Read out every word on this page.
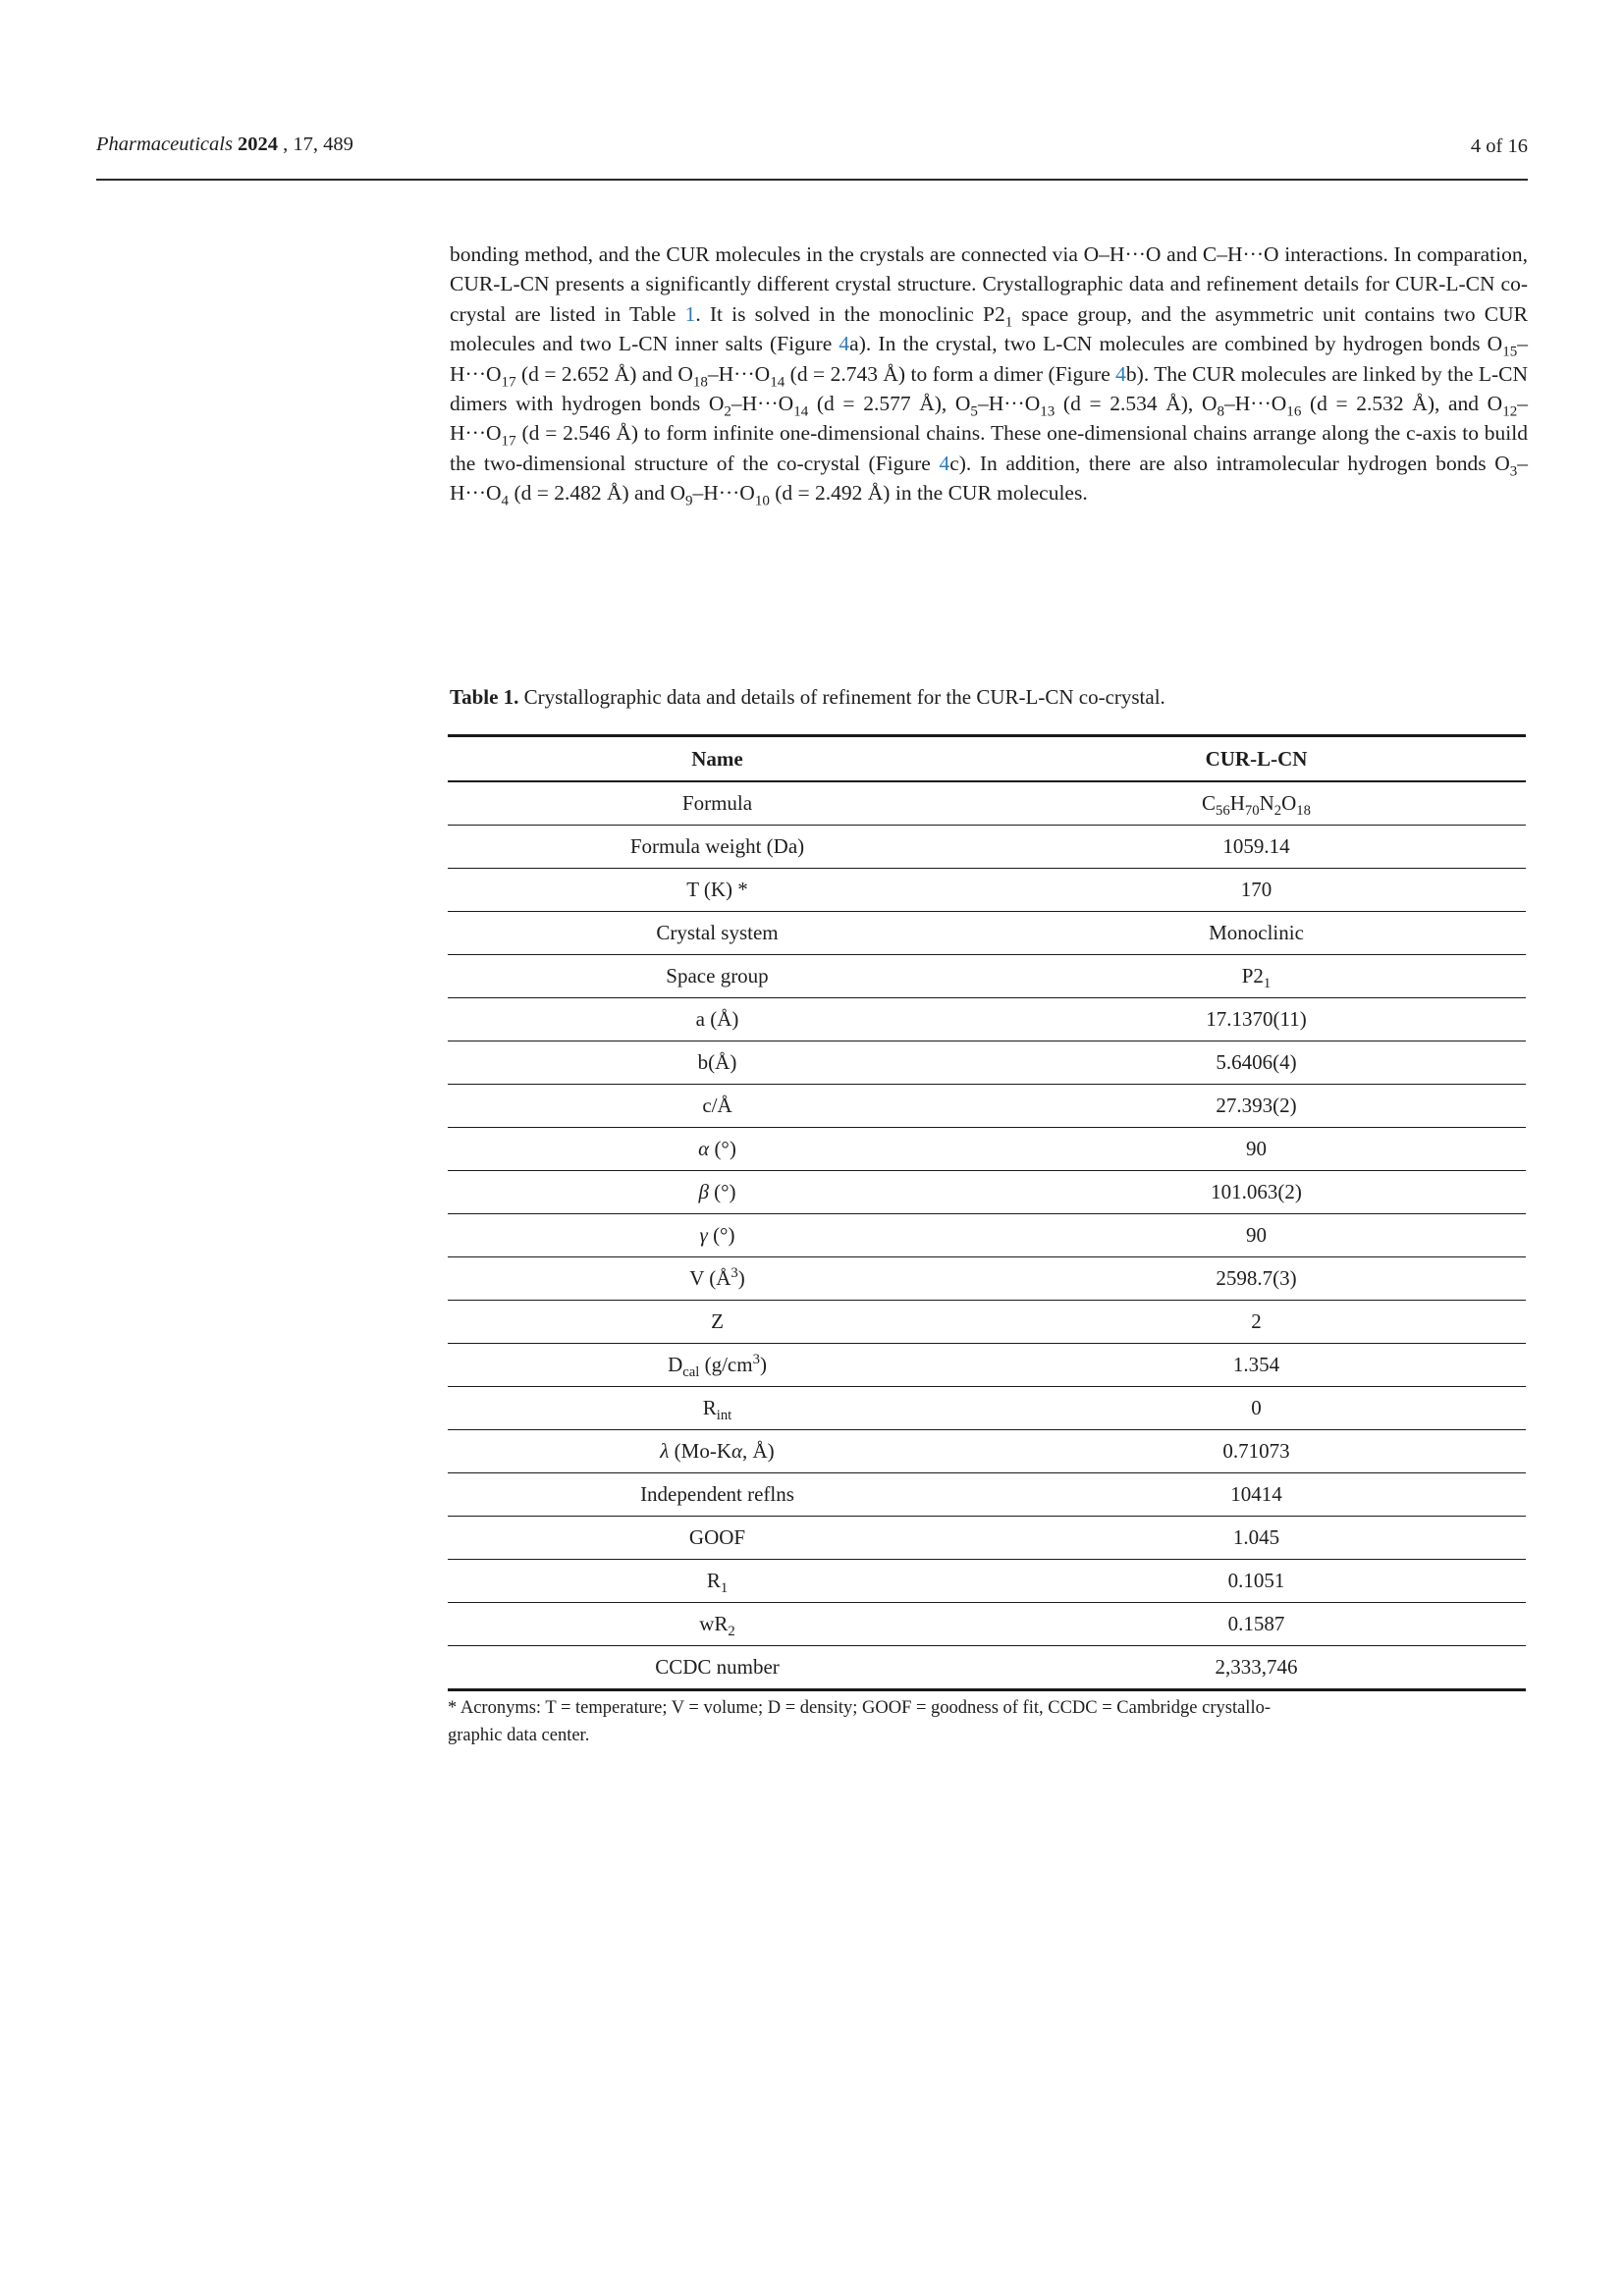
Pharmaceuticals 2024 , 17, 489	4 of 16

bonding method, and the CUR molecules in the crystals are connected via O–H···O and C–H···O interactions. In comparation, CUR-L-CN presents a significantly different crystal structure. Crystallographic data and refinement details for CUR-L-CN co-crystal are listed in Table 1. It is solved in the monoclinic $P2_1$ space group, and the asymmetric unit contains two CUR molecules and two L-CN inner salts (Figure 4a). In the crystal, two L-CN molecules are combined by hydrogen bonds $O_{15}-H\cdot\cdot\cdot O_{17}$ (d = 2.652 Å) and $O_{18}-H\cdot\cdot\cdot O_{14}$ (d = 2.743 Å) to form a dimer (Figure 4b). The CUR molecules are linked by the L-CN dimers with hydrogen bonds $O_2-H\cdot\cdot\cdot O_{14}$ (d = 2.577 Å), $O_5-H\cdot\cdot\cdot O_{13}$ (d = 2.534 Å), $O_8-H\cdot\cdot\cdot O_{16}$ (d = 2.532 Å), and $O_{12}-H\cdot\cdot\cdot O_{17}$ (d = 2.546 Å) to form infinite one-dimensional chains. These one-dimensional chains arrange along the c-axis to build the two-dimensional structure of the co-crystal (Figure 4c). In addition, there are also intramolecular hydrogen bonds $O_3-H\cdot\cdot\cdot O_4$ (d = 2.482 Å) and $O_9-H\cdot\cdot\cdot O_{10}$ (d = 2.492 Å) in the CUR molecules.

Table 1. Crystallographic data and details of refinement for the CUR-L-CN co-crystal.

Name	CUR-L-CN
Formula	$C_{56}H_{70}N_2O_{18}$
Formula weight (Da)	1059.14
T (K) *	170
Crystal system	Monoclinic
Space group	$P2_1$
a (Å)	17.1370(11)
b(Å)	5.6406(4)
c/Å	27.393(2)
α (°)	90
β (°)	101.063(2)
γ (°)	90
V $(Å^3)$	2598.7(3)
Z	2
$D_{cal}$ $(g/cm^3)$	1.354
$R_{int}$	0
λ (Mo-Kα, Å)	0.71073
Independent reflns	10414
GOOF	1.045
$R_1$	0.1051
$wR_2$	0.1587
CCDC number	2,333,746
* Acronyms: T = temperature; V = volume; D = density; GOOF = goodness of fit, CCDC = Cambridge crystallo-
graphic data center.
